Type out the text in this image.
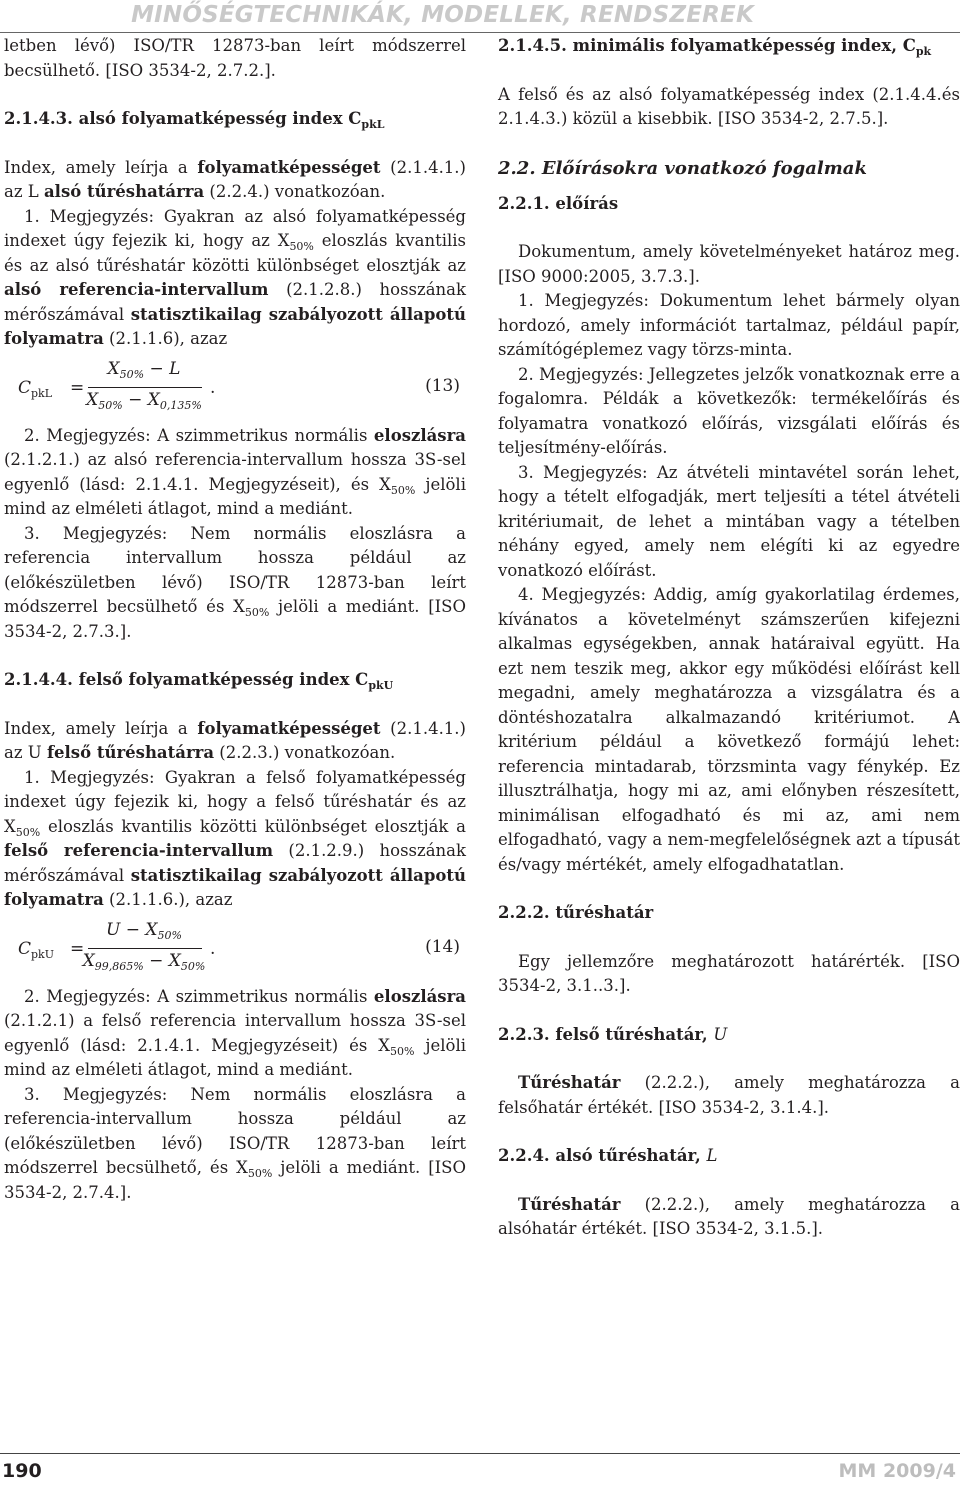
MINŐSÉGTECHNIKÁK, MODELLEK, RENDSZEREK

letben lévő) ISO/TR 12873-ban leírt módszerrel becsülhető. [ISO 3534-2, 2.7.2.].

2.1.4.3. alsó folyamatképesség index $C_{pkL}$

Index, amely leírja a folyamatképességet (2.1.4.1.) az L alsó tűréshatárra (2.2.4.) vonatkozóan.

1. Megjegyzés: Gyakran az alsó folyamatképesség indexet úgy fejezik ki, hogy az $X_{50\%}$ eloszlás kvantilis és az alsó tűréshatár közötti különbséget elosztják az alsó referencia-intervallum (2.1.2.8.) hosszának mérőszámával statisztikailag szabályozott állapotú folyamatra (2.1.1.6), azaz

$C_{pkL}$ =
$X_{50\%} - L$
$X_{50\%} - X_{0,135\%}$
.	(13)

2. Megjegyzés: A szimmetrikus normális eloszlásra (2.1.2.1.) az alsó referencia-intervallum hossza 3S-sel egyenlő (lásd: 2.1.4.1. Megjegyzéseit), és $X_{50\%}$ jelöli mind az elméleti átlagot, mind a mediánt.

3. Megjegyzés: Nem normális eloszlásra a referencia intervallum hossza például az (előkészületben lévő) ISO/TR 12873-ban leírt módszerrel becsülhető és $X_{50\%}$ jelöli a mediánt. [ISO 3534-2, 2.7.3.].

2.1.4.4. felső folyamatképesség index $C_{pkU}$

Index, amely leírja a folyamatképességet (2.1.4.1.) az U felső tűréshatárra (2.2.3.) vonatkozóan.

1. Megjegyzés: Gyakran a felső folyamatképesség indexet úgy fejezik ki, hogy a felső tűréshatár és az $X_{50\%}$ eloszlás kvantilis közötti különbséget elosztják a felső referencia-intervallum (2.1.2.9.) hosszának mérőszámával statisztikailag szabályozott állapotú folyamatra (2.1.1.6.), azaz

$C_{pkU}$ =
$U - X_{50\%}$
$X_{99,865\%} - X_{50\%}$
.	(14)

2. Megjegyzés: A szimmetrikus normális eloszlásra (2.1.2.1) a felső referencia intervallum hossza 3S-sel egyenlő (lásd: 2.1.4.1. Megjegyzéseit) és $X_{50\%}$ jelöli mind az elméleti átlagot, mind a mediánt.

3. Megjegyzés: Nem normális eloszlásra a referencia-intervallum hossza például az (előkészületben lévő) ISO/TR 12873-ban leírt módszerrel becsülhető, és $X_{50\%}$ jelöli a mediánt. [ISO 3534-2, 2.7.4.].

2.1.4.5. minimális folyamatképesség index, $C_{pk}$

A felső és az alsó folyamatképesség index (2.1.4.4.és 2.1.4.3.) közül a kisebbik. [ISO 3534-2, 2.7.5.].

2.2. Előírásokra vonatkozó fogalmak
2.2.1. előírás

Dokumentum, amely követelményeket határoz meg. [ISO 9000:2005, 3.7.3.].

1. Megjegyzés: Dokumentum lehet bármely olyan hordozó, amely információt tartalmaz, például papír, számítógéplemez vagy törzs-minta.

2. Megjegyzés: Jellegzetes jelzők vonatkoznak erre a fogalomra. Példák a következők: termékelőírás és folyamatra vonatkozó előírás, vizsgálati előírás és teljesítmény-előírás.

3. Megjegyzés: Az átvételi mintavétel során lehet, hogy a tételt elfogadják, mert teljesíti a tétel átvételi kritériumait, de lehet a mintában vagy a tételben néhány egyed, amely nem elégíti ki az egyedre vonatkozó előírást.

4. Megjegyzés: Addig, amíg gyakorlatilag érdemes, kívánatos a követelményt számszerűen kifejezni alkalmas egységekben, annak határaival együtt. Ha ezt nem teszik meg, akkor egy működési előírást kell megadni, amely meghatározza a vizsgálatra és a döntéshozatalra alkalmazandó kritériumot. A kritérium például a következő formájú lehet: referencia mintadarab, törzsminta vagy fénykép. Ez illusztrálhatja, hogy mi az, ami előnyben részesített, minimálisan elfogadható és mi az, ami nem elfogadható, vagy a nem-megfelelőségnek azt a típusát és/vagy mértékét, amely elfogadhatatlan.

2.2.2. tűréshatár

Egy jellemzőre meghatározott határérték. [ISO 3534-2, 3.1..3.].

2.2.3. felső tűréshatár, U

Tűréshatár (2.2.2.), amely meghatározza a felsőhatár értékét. [ISO 3534-2, 3.1.4.].

2.2.4. alsó tűréshatár, L

Tűréshatár (2.2.2.), amely meghatározza a alsóhatár értékét. [ISO 3534-2, 3.1.5.].

190	MM 2009/4
